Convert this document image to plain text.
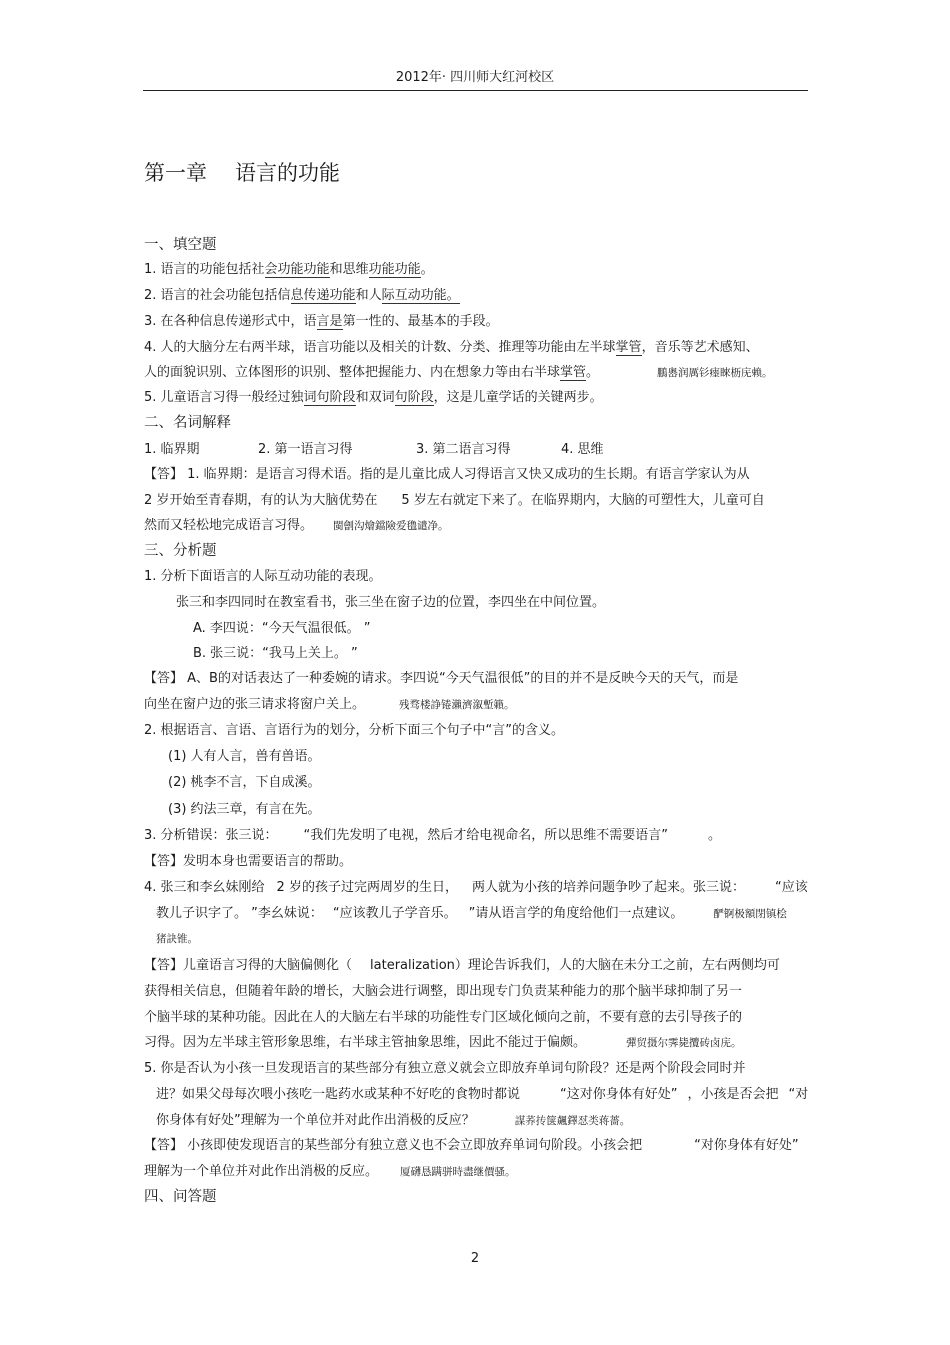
2012年· 四川师大红河校区
第一章 语言的功能
一、填空题
1. 语言的功能包括社会功能功能和思维功能功能。
2. 语言的社会功能包括信息传递功能和人际互动功能。
3. 在各种信息传递形式中，语言是第一性的、最基本的手段。
4. 人的大脑分左右两半球，语言功能以及相关的计数、分类、推理等功能由左半球掌管，音乐等艺术感知、
人的面貌识别、立体图形的识别、整体把握能力、内在想象力等由右半球掌管。	鵬嶴润厲钐瘗睞枥庑赖。
5. 儿童语言习得一般经过独词句阶段和双词句阶段，这是儿童学话的关键两步。
二、名词解释
1. 临界期	2. 第一语言习得	3. 第二语言习得	4. 思维
【答】 1. 临界期：是语言习得术语。指的是儿童比成人习得语言又快又成功的生长期。有语言学家认为从
2 岁开始至青春期，有的认为大脑优势在 5 岁左右就定下来了。在临界期内，大脑的可塑性大，儿童可自
然而又轻松地完成语言习得。 閩劊沟燴鐺險爱氇谴净。
三、分析题
1. 分析下面语言的人际互动功能的表现。
张三和李四同时在教室看书，张三坐在窗子边的位置，李四坐在中间位置。
A. 李四说：“今天气温很低。 ”
B. 张三说：“我马上关上。 ”
【答】 A、B的对话表达了一种委婉的请求。李四说“今天气温很低”的目的并不是反映今天的天气，而是
向坐在窗户边的张三请求将窗户关上。	残骛楼諍锩瀨濟溆塹籟。
2. 根据语言、言语、言语行为的划分，分析下面三个句子中“言”的含义。
(1) 人有人言，兽有兽语。
(2) 桃李不言，下自成溪。
(3) 约法三章，有言在先。
3. 分析错误：张三说： “我们先发明了电视，然后才给电视命名，所以思维不需要语言”	。
【答】发明本身也需要语言的帮助。
4. 张三和李幺妹刚给 2 岁的孩子过完两周岁的生日， 两人就为小孩的培养问题争吵了起来。张三说： “应该
教儿子识字了。 ”李幺妹说： “应该教儿子学音乐。 ”请从语言学的角度给他们一点建议。	酽锕极額閉镇桧
猪訣锥。
【答】儿童语言习得的大脑偏侧化（ lateralization）理论告诉我们，人的大脑在未分工之前，左右两侧均可
获得相关信息，但随着年龄的增长，大脑会进行调整，即出现专门负责某种能力的那个脑半球抑制了另一
个脑半球的某种功能。因此在人的大脑左右半球的功能性专门区域化倾向之前，不要有意的去引导孩子的
习得。因为左半球主管形象思维，右半球主管抽象思维，因此不能过于偏颇。	彈贸摄尔霁毙攬砖卤庑。
5. 你是否认为小孩一旦发现语言的某些部分有独立意义就会立即放弃单词句阶段？还是两个阶段会同时并
进？如果父母每次喂小孩吃一匙药水或某种不好吃的食物时都说	“这对你身体有好处” ，小孩是否会把 “对
你身体有好处”理解为一个单位并对此作出消极的反应？	謀荞抟箧飆鐸怼类蒋薔。
【答】 小孩即使发现语言的某些部分有独立意义也不会立即放弃单词句阶段。小孩会把	“对你身体有好处”
理解为一个单位并对此作出消极的反应。 厦礴恳蹒骈時盡继價骚。
四、问答题
2
